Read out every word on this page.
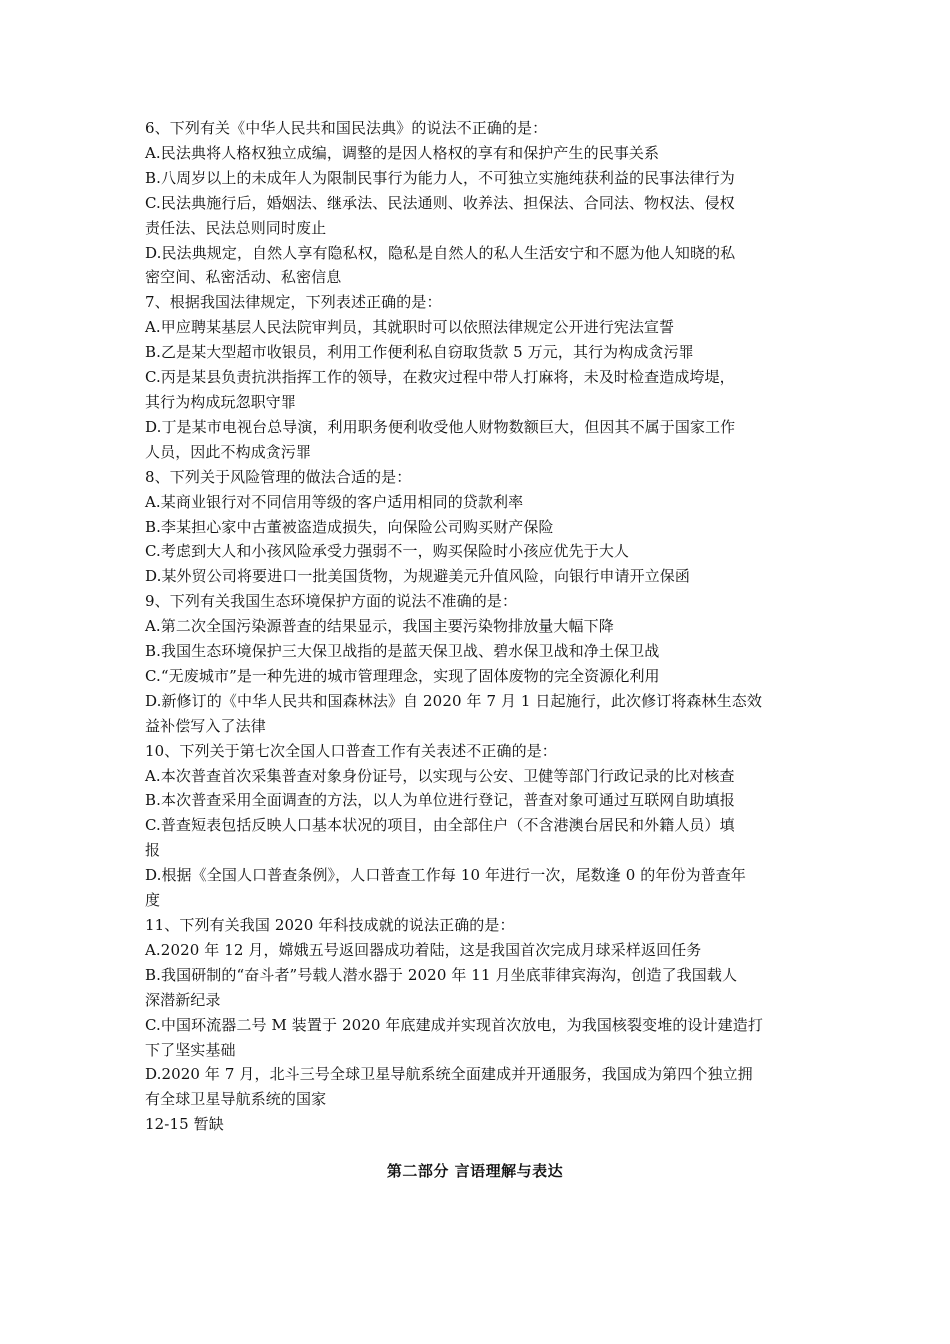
6、下列有关《中华人民共和国民法典》的说法不正确的是：
A.民法典将人格权独立成编，调整的是因人格权的享有和保护产生的民事关系
B.八周岁以上的未成年人为限制民事行为能力人，不可独立实施纯获利益的民事法律行为
C.民法典施行后，婚姻法、继承法、民法通则、收养法、担保法、合同法、物权法、侵权
责任法、民法总则同时废止
D.民法典规定，自然人享有隐私权，隐私是自然人的私人生活安宁和不愿为他人知晓的私
密空间、私密活动、私密信息
7、根据我国法律规定，下列表述正确的是：
A.甲应聘某基层人民法院审判员，其就职时可以依照法律规定公开进行宪法宣誓
B.乙是某大型超市收银员，利用工作便利私自窃取货款 5 万元，其行为构成贪污罪
C.丙是某县负责抗洪指挥工作的领导，在救灾过程中带人打麻将，未及时检查造成垮堤，
其行为构成玩忽职守罪
D.丁是某市电视台总导演，利用职务便利收受他人财物数额巨大，但因其不属于国家工作
人员，因此不构成贪污罪
8、下列关于风险管理的做法合适的是：
A.某商业银行对不同信用等级的客户适用相同的贷款利率
B.李某担心家中古董被盗造成损失，向保险公司购买财产保险
C.考虑到大人和小孩风险承受力强弱不一，购买保险时小孩应优先于大人
D.某外贸公司将要进口一批美国货物，为规避美元升值风险，向银行申请开立保函
9、下列有关我国生态环境保护方面的说法不准确的是：
A.第二次全国污染源普查的结果显示，我国主要污染物排放量大幅下降
B.我国生态环境保护三大保卫战指的是蓝天保卫战、碧水保卫战和净土保卫战
C.“无废城市”是一种先进的城市管理理念，实现了固体废物的完全资源化利用
D.新修订的《中华人民共和国森林法》自 2020 年 7 月 1 日起施行，此次修订将森林生态效
益补偿写入了法律
10、下列关于第七次全国人口普查工作有关表述不正确的是：
A.本次普查首次采集普查对象身份证号，以实现与公安、卫健等部门行政记录的比对核查
B.本次普查采用全面调查的方法，以人为单位进行登记，普查对象可通过互联网自助填报
C.普查短表包括反映人口基本状况的项目，由全部住户（不含港澳台居民和外籍人员）填
报
D.根据《全国人口普查条例》，人口普查工作每 10 年进行一次，尾数逢 0 的年份为普查年
度
11、下列有关我国 2020 年科技成就的说法正确的是：
A.2020 年 12 月，嫦娥五号返回器成功着陆，这是我国首次完成月球采样返回任务
B.我国研制的“奋斗者”号载人潜水器于 2020 年 11 月坐底菲律宾海沟，创造了我国载人
深潜新纪录
C.中国环流器二号 M 装置于 2020 年底建成并实现首次放电，为我国核裂变堆的设计建造打
下了坚实基础
D.2020 年 7 月，北斗三号全球卫星导航系统全面建成并开通服务，我国成为第四个独立拥
有全球卫星导航系统的国家
12-15 暂缺
第二部分 言语理解与表达
